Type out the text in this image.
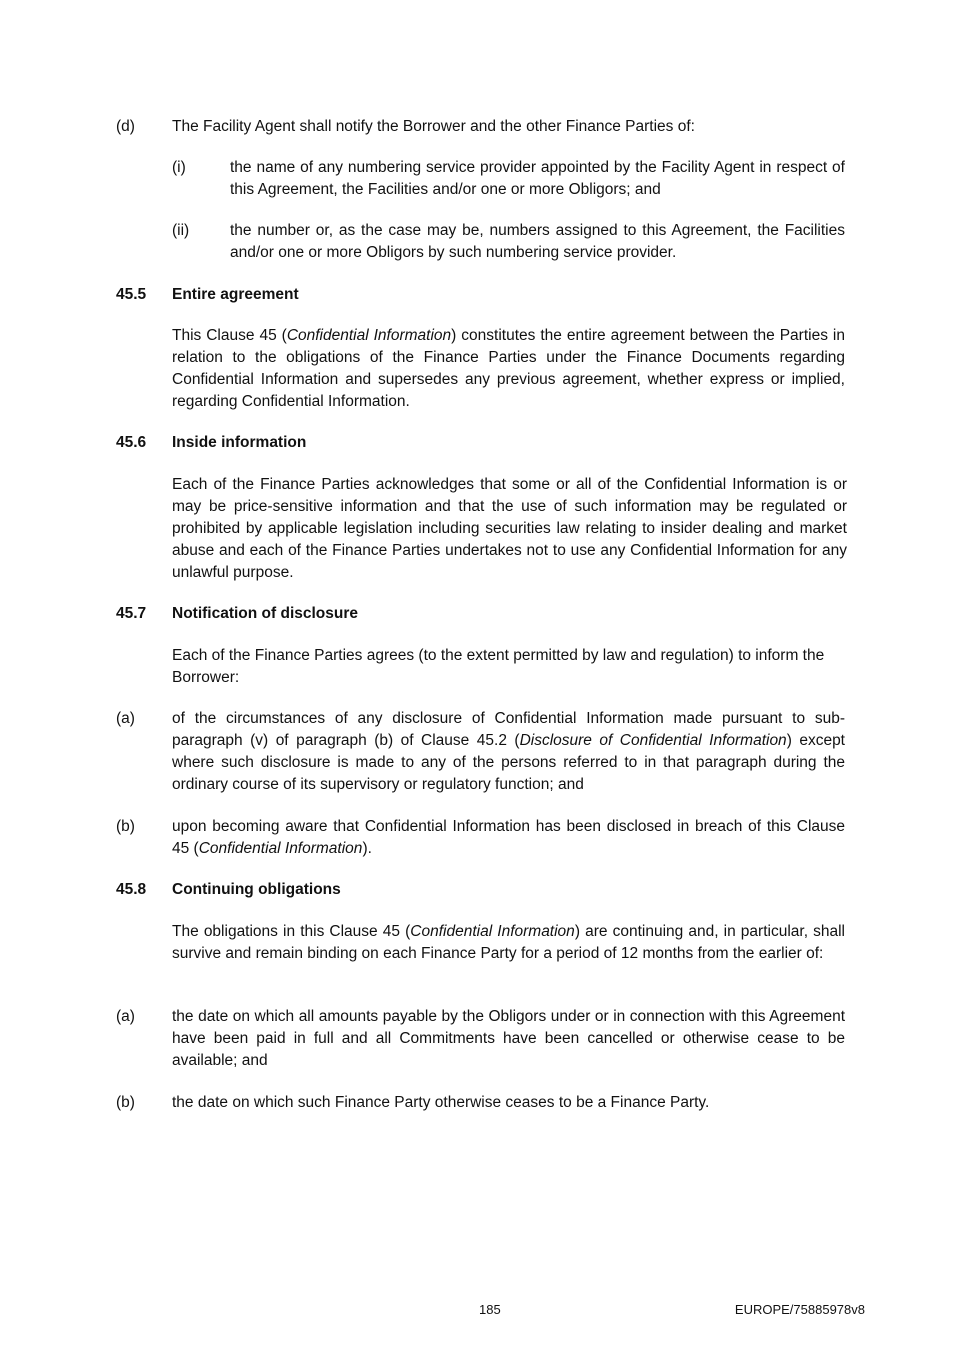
(d) The Facility Agent shall notify the Borrower and the other Finance Parties of:
(i)	the name of any numbering service provider appointed by the Facility Agent in respect of this Agreement, the Facilities and/or one or more Obligors; and
(ii)	the number or, as the case may be, numbers assigned to this Agreement, the Facilities and/or one or more Obligors by such numbering service provider.
45.5 Entire agreement
This Clause 45 (Confidential Information) constitutes the entire agreement between the Parties in relation to the obligations of the Finance Parties under the Finance Documents regarding Confidential Information and supersedes any previous agreement, whether express or implied, regarding Confidential Information.
45.6 Inside information
Each of the Finance Parties acknowledges that some or all of the Confidential Information is or may be price-sensitive information and that the use of such information may be regulated or prohibited by applicable legislation including securities law relating to insider dealing and market abuse and each of the Finance Parties undertakes not to use any Confidential Information for any unlawful purpose.
45.7 Notification of disclosure
Each of the Finance Parties agrees (to the extent permitted by law and regulation) to inform the Borrower:
(a) of the circumstances of any disclosure of Confidential Information made pursuant to sub-paragraph (v) of paragraph (b) of Clause 45.2 (Disclosure of Confidential Information) except where such disclosure is made to any of the persons referred to in that paragraph during the ordinary course of its supervisory or regulatory function; and
(b) upon becoming aware that Confidential Information has been disclosed in breach of this Clause 45 (Confidential Information).
45.8 Continuing obligations
The obligations in this Clause 45 (Confidential Information) are continuing and, in particular, shall survive and remain binding on each Finance Party for a period of 12 months from the earlier of:
(a) the date on which all amounts payable by the Obligors under or in connection with this Agreement have been paid in full and all Commitments have been cancelled or otherwise cease to be available; and
(b) the date on which such Finance Party otherwise ceases to be a Finance Party.
185	EUROPE/75885978v8
